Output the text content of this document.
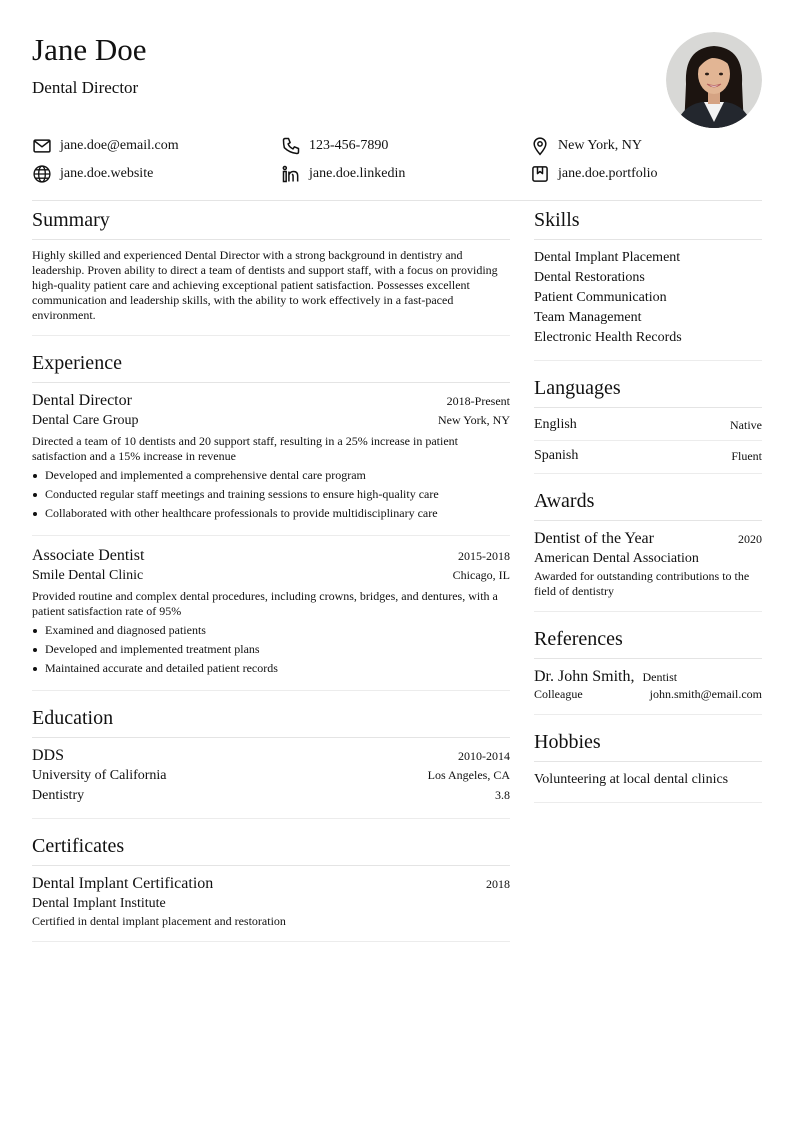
Jane Doe
Dental Director
jane.doe@email.com	123-456-7890	New York, NY
jane.doe.website	jane.doe.linkedin	jane.doe.portfolio
Summary
Highly skilled and experienced Dental Director with a strong background in dentistry and leadership. Proven ability to direct a team of dentists and support staff, with a focus on providing high-quality patient care and achieving exceptional patient satisfaction. Possesses excellent communication and leadership skills, with the ability to work effectively in a fast-paced environment.
Experience
Dental Director	2018-Present
Dental Care Group	New York, NY
Directed a team of 10 dentists and 20 support staff, resulting in a 25% increase in patient satisfaction and a 15% increase in revenue
Developed and implemented a comprehensive dental care program
Conducted regular staff meetings and training sessions to ensure high-quality care
Collaborated with other healthcare professionals to provide multidisciplinary care
Associate Dentist	2015-2018
Smile Dental Clinic	Chicago, IL
Provided routine and complex dental procedures, including crowns, bridges, and dentures, with a patient satisfaction rate of 95%
Examined and diagnosed patients
Developed and implemented treatment plans
Maintained accurate and detailed patient records
Education
DDS	2010-2014
University of California	Los Angeles, CA
Dentistry	3.8
Certificates
Dental Implant Certification	2018
Dental Implant Institute
Certified in dental implant placement and restoration
Skills
Dental Implant Placement
Dental Restorations
Patient Communication
Team Management
Electronic Health Records
Languages
English	Native
Spanish	Fluent
Awards
Dentist of the Year	2020
American Dental Association
Awarded for outstanding contributions to the field of dentistry
References
Dr. John Smith, Dentist
Colleague	john.smith@email.com
Hobbies
Volunteering at local dental clinics
